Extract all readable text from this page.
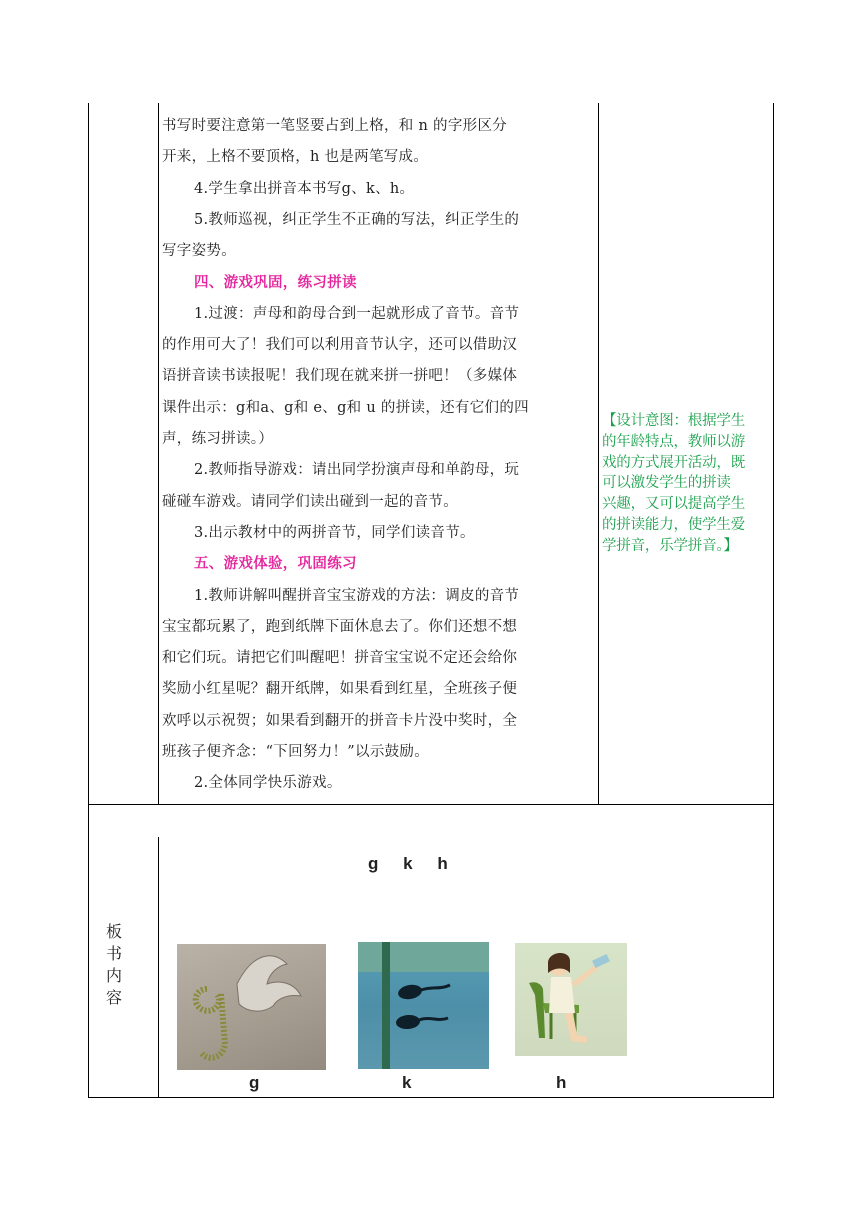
书写时要注意第一笔竖要占到上格，和 n 的字形区分
开来，上格不要顶格，h 也是两笔写成。
4.学生拿出拼音本书写g、k、h。
5.教师巡视，纠正学生不正确的写法，纠正学生的
写字姿势。
四、游戏巩固，练习拼读
1.过渡：声母和韵母合到一起就形成了音节。音节
的作用可大了！我们可以利用音节认字，还可以借助汉
语拼音读书读报呢！我们现在就来拼一拼吧！（多媒体
课件出示：g和a、g和 e、g和 u 的拼读，还有它们的四
声，练习拼读。）
2.教师指导游戏：请出同学扮演声母和单韵母，玩
碰碰车游戏。请同学们读出碰到一起的音节。
3.出示教材中的两拼音节，同学们读音节。
五、游戏体验，巩固练习
1.教师讲解叫醒拼音宝宝游戏的方法：调皮的音节
宝宝都玩累了，跑到纸牌下面休息去了。你们还想不想
和它们玩。请把它们叫醒吧！拼音宝宝说不定还会给你
奖励小红星呢？翻开纸牌，如果看到红星，全班孩子便
欢呼以示祝贺；如果看到翻开的拼音卡片没中奖时，全
班孩子便齐念：“下回努力！”以示鼓励。
2.全体同学快乐游戏。
【设计意图：根据学生
的年龄特点，教师以游
戏的方式展开活动，既
可以激发学生的拼读
兴趣，又可以提高学生
的拼读能力，使学生爱
学拼音，乐学拼音。】
板
书
内
容
g k h
g	k	h
